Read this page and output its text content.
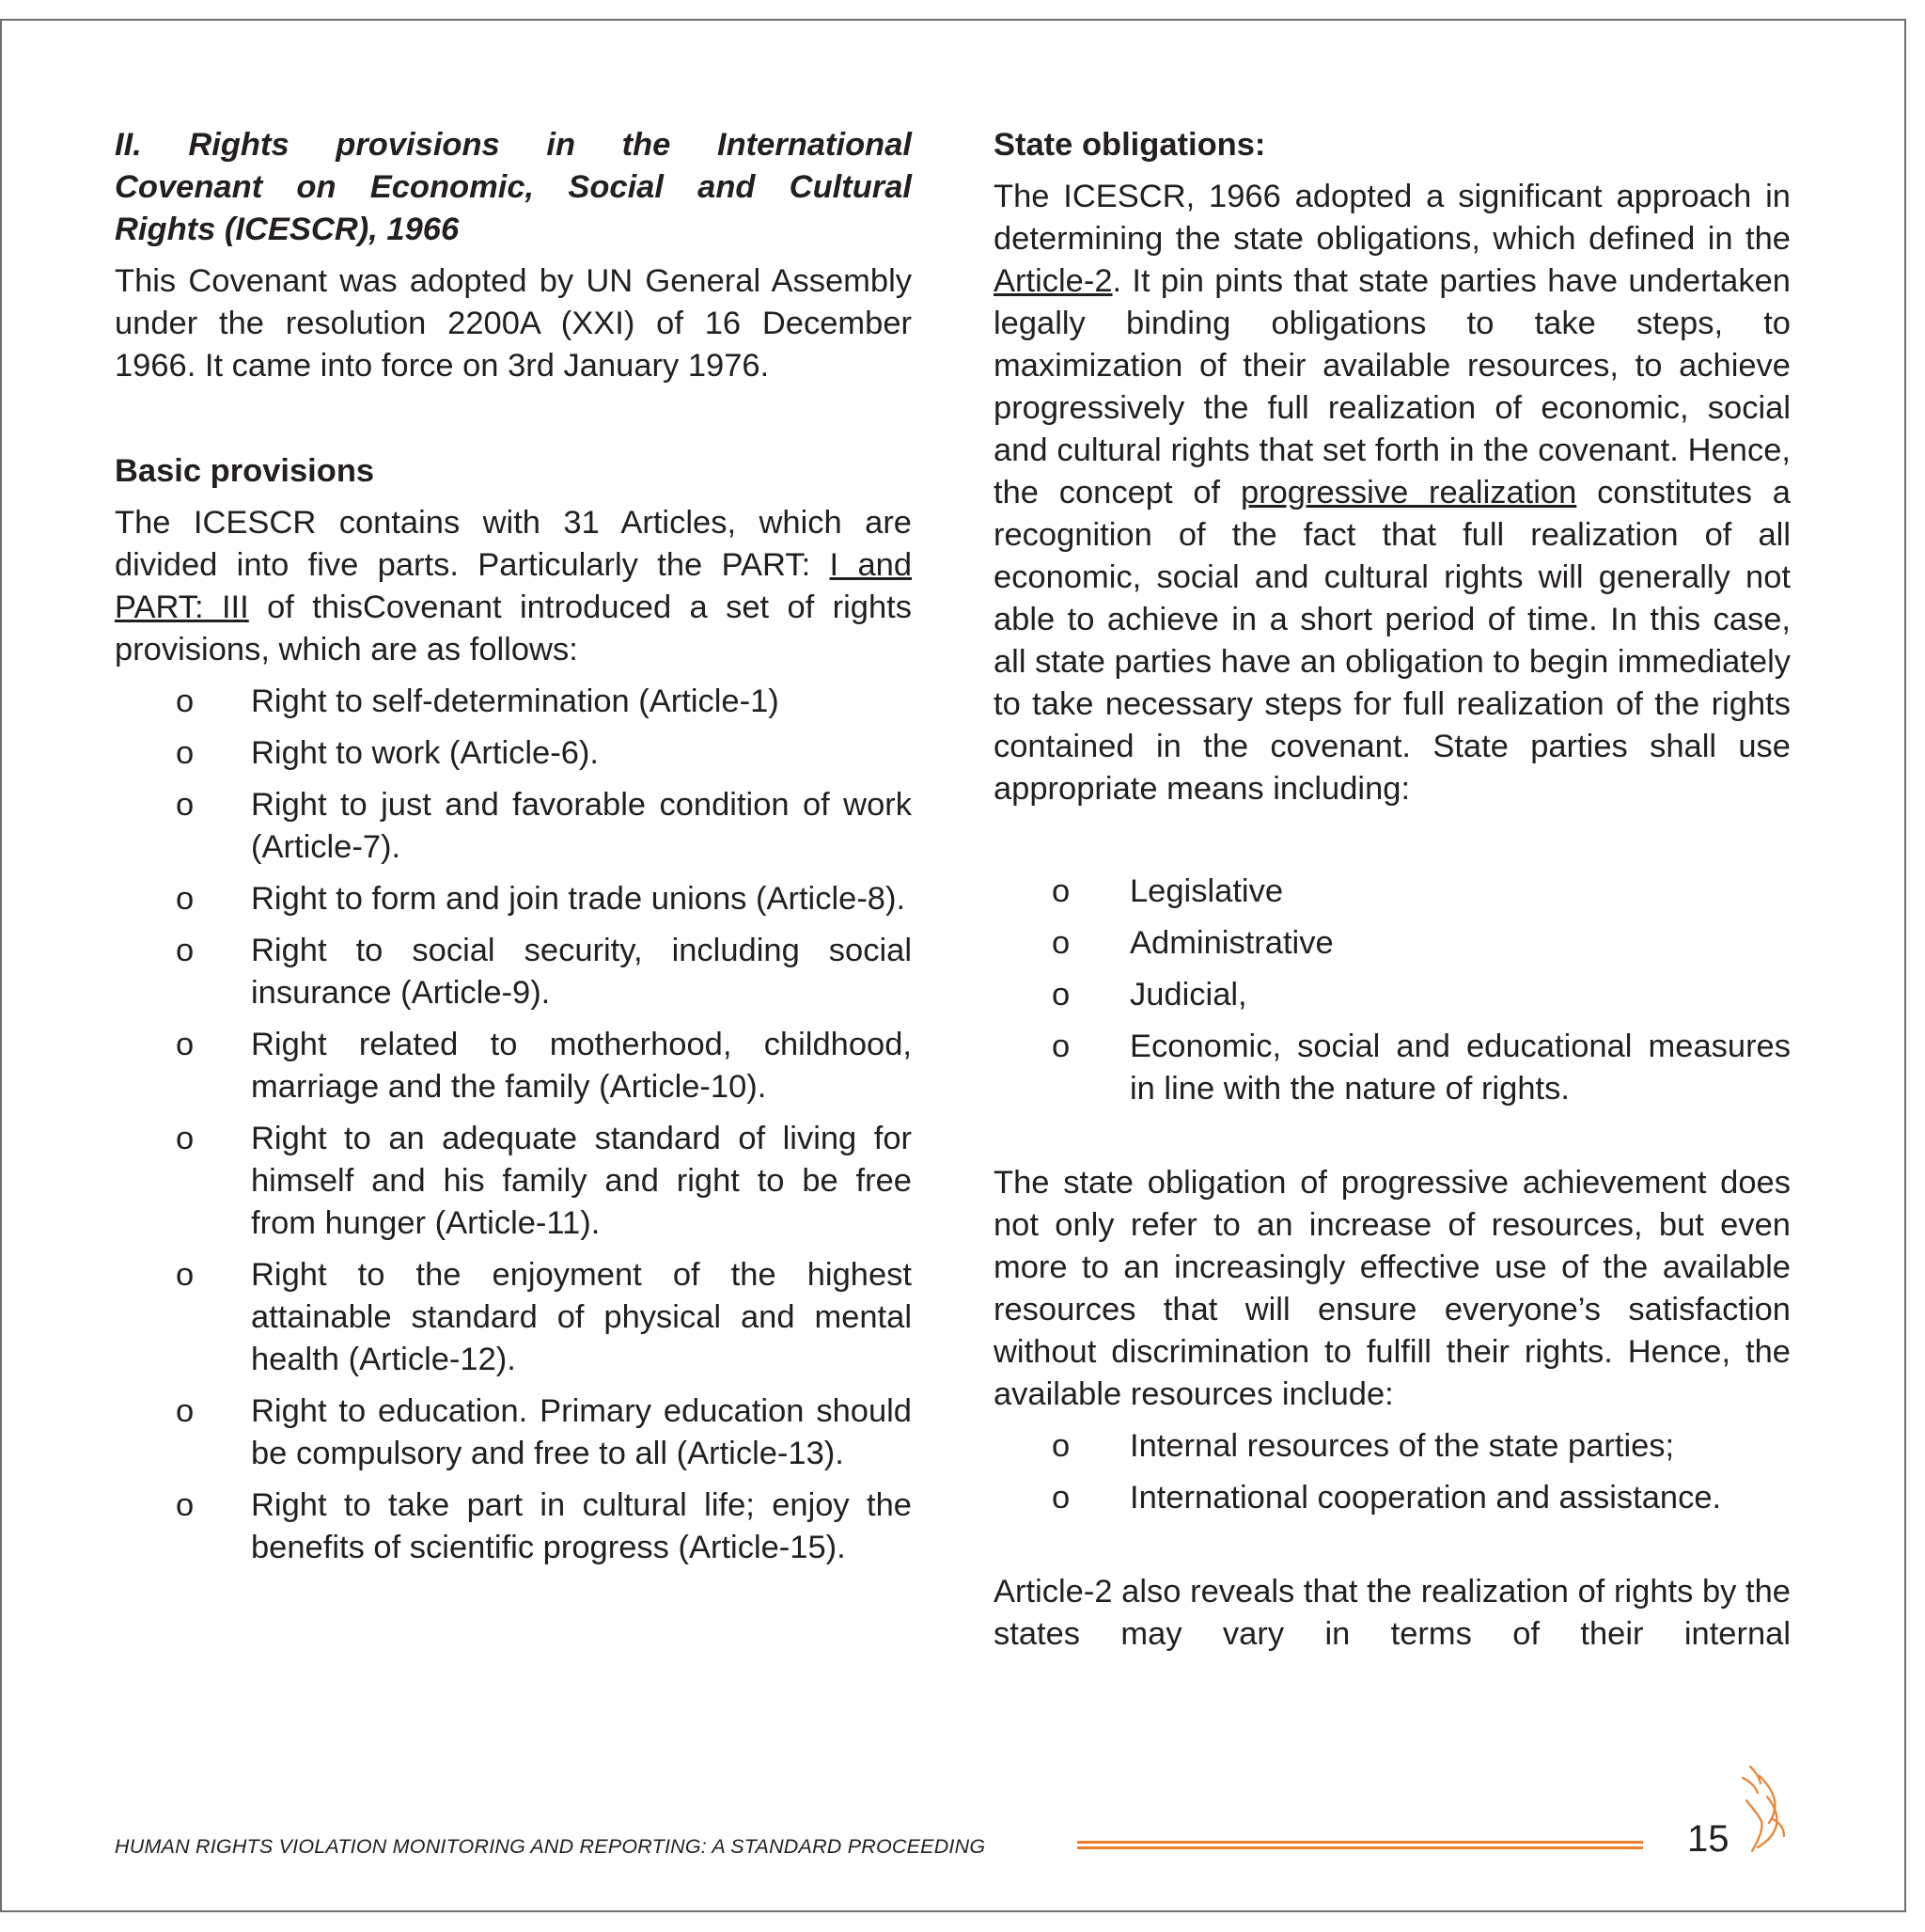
II. Rights provisions in the International
Covenant on Economic, Social and Cultural
Rights (ICESCR), 1966

This Covenant was adopted by UN General Assembly under the resolution 2200A (XXI) of 16 December 1966. It came into force on 3rd January 1976.

Basic provisions

The ICESCR contains with 31 Articles, which are divided into five parts. Particularly the PART: I and PART: III of thisCovenant introduced a set of rights provisions, which are as follows:

o Right to self-determination (Article-1)
o Right to work (Article-6).
o Right to just and favorable condition of work (Article-7).
o Right to form and join trade unions (Article-8).
o Right to social security, including social insurance (Article-9).
o Right related to motherhood, childhood, marriage and the family (Article-10).
o Right to an adequate standard of living for himself and his family and right to be free from hunger (Article-11).
o Right to the enjoyment of the highest attainable standard of physical and mental health (Article-12).
o Right to education. Primary education should be compulsory and free to all (Article-13).
o Right to take part in cultural life; enjoy the benefits of scientific progress (Article-15).
State obligations:

The ICESCR, 1966 adopted a significant approach in determining the state obligations, which defined in the Article-2. It pin pints that state parties have undertaken legally binding obligations to take steps, to maximization of their available resources, to achieve progressively the full realization of economic, social and cultural rights that set forth in the covenant. Hence, the concept of progressive realization constitutes a recognition of the fact that full realization of all economic, social and cultural rights will generally not able to achieve in a short period of time. In this case, all state parties have an obligation to begin immediately to take necessary steps for full realization of the rights contained in the covenant. State parties shall use appropriate means including:

o Legislative
o Administrative
o Judicial,
o Economic, social and educational measures in line with the nature of rights.

The state obligation of progressive achievement does not only refer to an increase of resources, but even more to an increasingly effective use of the available resources that will ensure everyone’s satisfaction without discrimination to fulfill their rights. Hence, the available resources include:

o Internal resources of the state parties;
o International cooperation and assistance.

Article-2 also reveals that the realization of rights by the states may vary in terms of their internal

HUMAN RIGHTS VIOLATION MONITORING AND REPORTING: A STANDARD PROCEEDING	15
